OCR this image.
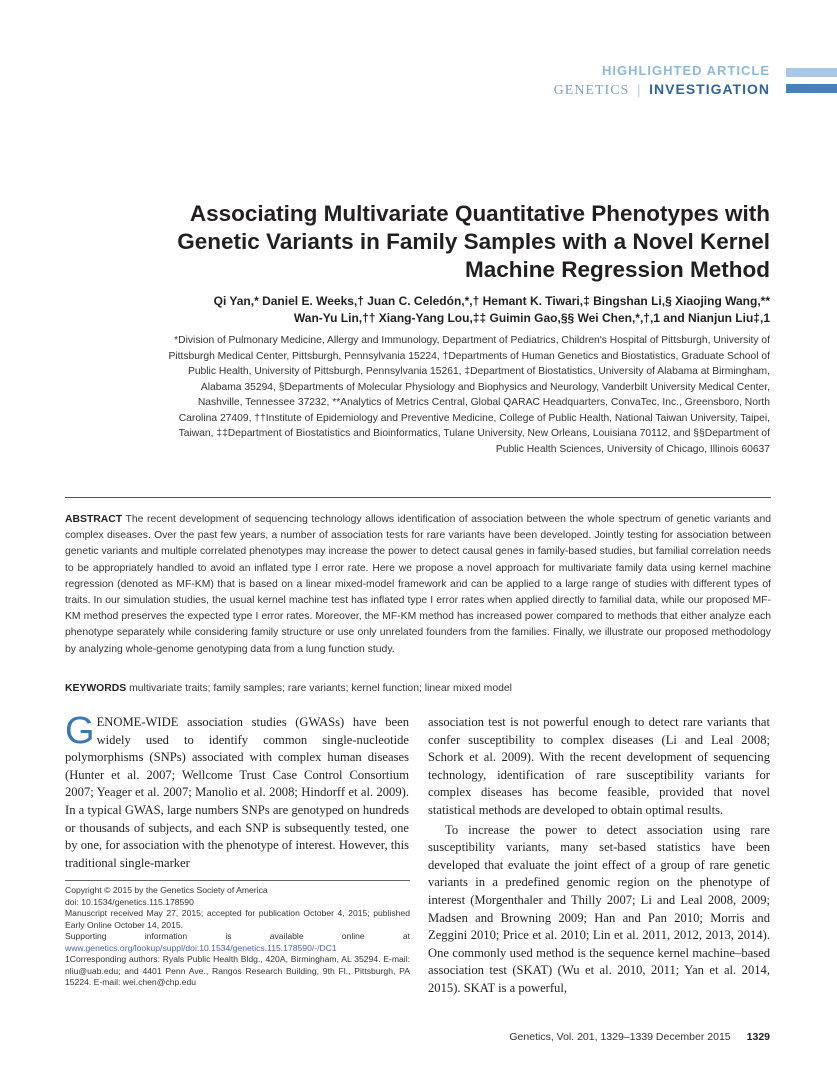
HIGHLIGHTED ARTICLE
GENETICS | INVESTIGATION
Associating Multivariate Quantitative Phenotypes with Genetic Variants in Family Samples with a Novel Kernel Machine Regression Method
Qi Yan,* Daniel E. Weeks,† Juan C. Celedón,*,† Hemant K. Tiwari,‡ Bingshan Li,§ Xiaojing Wang,**
Wan-Yu Lin,†† Xiang-Yang Lou,‡‡ Guimin Gao,§§ Wei Chen,*,†,1 and Nianjun Liu‡,1
*Division of Pulmonary Medicine, Allergy and Immunology, Department of Pediatrics, Children's Hospital of Pittsburgh, University of Pittsburgh Medical Center, Pittsburgh, Pennsylvania 15224, †Departments of Human Genetics and Biostatistics, Graduate School of Public Health, University of Pittsburgh, Pennsylvania 15261, ‡Department of Biostatistics, University of Alabama at Birmingham, Alabama 35294, §Departments of Molecular Physiology and Biophysics and Neurology, Vanderbilt University Medical Center, Nashville, Tennessee 37232, **Analytics of Metrics Central, Global QARAC Headquarters, ConvaTec, Inc., Greensboro, North Carolina 27409, ††Institute of Epidemiology and Preventive Medicine, College of Public Health, National Taiwan University, Taipei, Taiwan, ‡‡Department of Biostatistics and Bioinformatics, Tulane University, New Orleans, Louisiana 70112, and §§Department of Public Health Sciences, University of Chicago, Illinois 60637
ABSTRACT The recent development of sequencing technology allows identification of association between the whole spectrum of genetic variants and complex diseases. Over the past few years, a number of association tests for rare variants have been developed. Jointly testing for association between genetic variants and multiple correlated phenotypes may increase the power to detect causal genes in family-based studies, but familial correlation needs to be appropriately handled to avoid an inflated type I error rate. Here we propose a novel approach for multivariate family data using kernel machine regression (denoted as MF-KM) that is based on a linear mixed-model framework and can be applied to a large range of studies with different types of traits. In our simulation studies, the usual kernel machine test has inflated type I error rates when applied directly to familial data, while our proposed MF-KM method preserves the expected type I error rates. Moreover, the MF-KM method has increased power compared to methods that either analyze each phenotype separately while considering family structure or use only unrelated founders from the families. Finally, we illustrate our proposed methodology by analyzing whole-genome genotyping data from a lung function study.
KEYWORDS multivariate traits; family samples; rare variants; kernel function; linear mixed model

GENOME-WIDE association studies (GWASs) have been widely used to identify common single-nucleotide polymorphisms (SNPs) associated with complex human diseases (Hunter et al. 2007; Wellcome Trust Case Control Consortium 2007; Yeager et al. 2007; Manolio et al. 2008; Hindorff et al. 2009). In a typical GWAS, large numbers SNPs are genotyped on hundreds or thousands of subjects, and each SNP is subsequently tested, one by one, for association with the phenotype of interest. However, this traditional single-marker

association test is not powerful enough to detect rare variants that confer susceptibility to complex diseases (Li and Leal 2008; Schork et al. 2009). With the recent development of sequencing technology, identification of rare susceptibility variants for complex diseases has become feasible, provided that novel statistical methods are developed to obtain optimal results.

To increase the power to detect association using rare susceptibility variants, many set-based statistics have been developed that evaluate the joint effect of a group of rare genetic variants in a predefined genomic region on the phenotype of interest (Morgenthaler and Thilly 2007; Li and Leal 2008, 2009; Madsen and Browning 2009; Han and Pan 2010; Morris and Zeggini 2010; Price et al. 2010; Lin et al. 2011, 2012, 2013, 2014). One commonly used method is the sequence kernel machine–based association test (SKAT) (Wu et al. 2010, 2011; Yan et al. 2014, 2015). SKAT is a powerful,

Copyright © 2015 by the Genetics Society of America
doi: 10.1534/genetics.115.178590
Manuscript received May 27, 2015; accepted for publication October 4, 2015; published Early Online October 14, 2015.
Supporting information is available online at www.genetics.org/lookup/suppl/doi:10.1534/genetics.115.178590/-/DC1
1Corresponding authors: Ryals Public Health Bldg., 420A, Birmingham, AL 35294. E-mail: nliu@uab.edu; and 4401 Penn Ave., Rangos Research Building, 9th Fl., Pittsburgh, PA 15224. E-mail: wei.chen@chp.edu
Genetics, Vol. 201, 1329–1339 December 2015 1329
